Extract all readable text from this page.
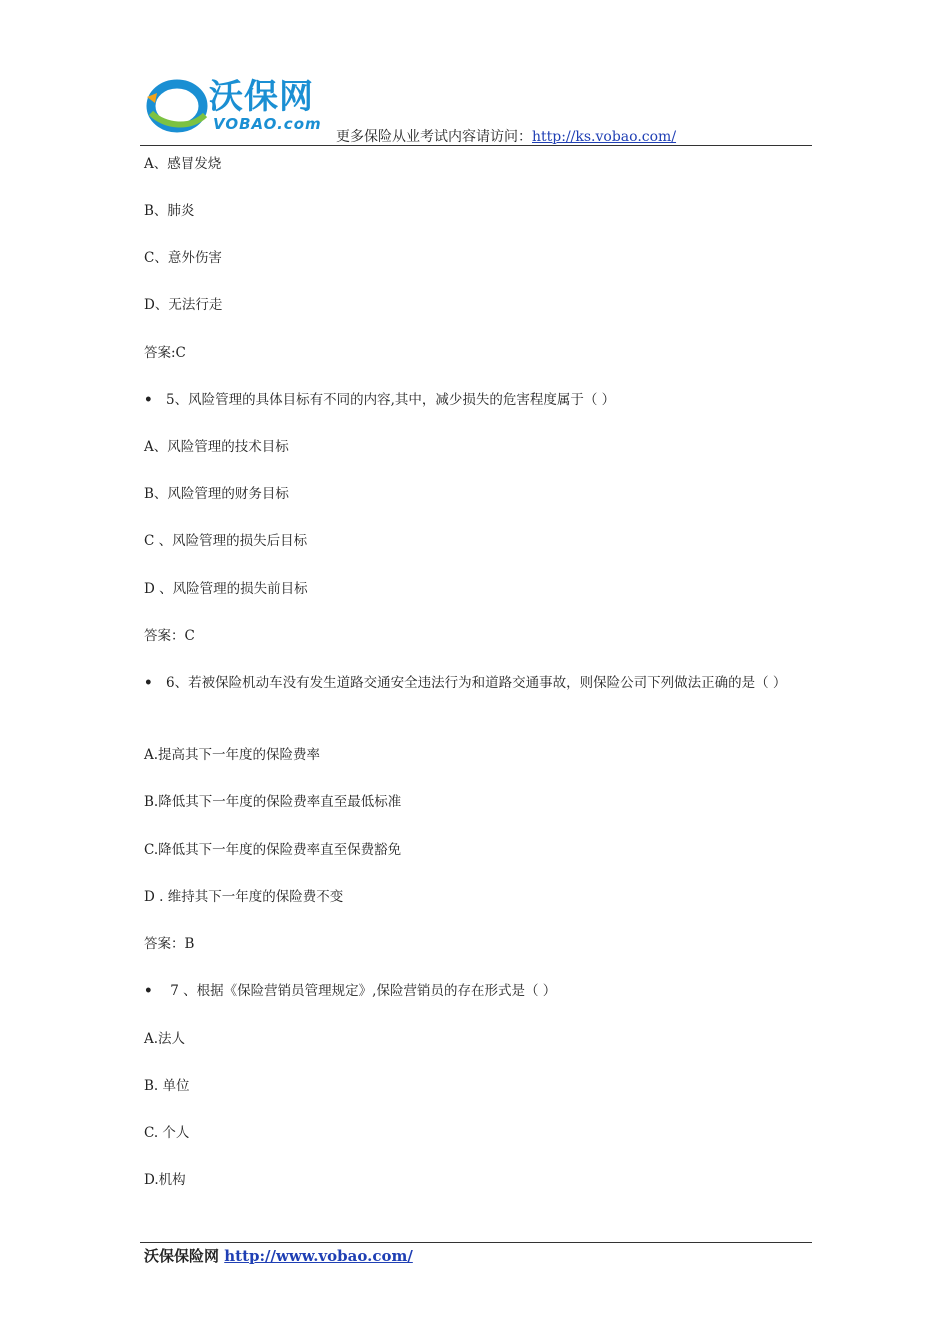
沃保网
VOBAO.com
更多保险从业考试内容请访问：http://ks.vobao.com/
A、感冒发烧
B、肺炎
C、意外伤害
D、无法行走
答案:C
• 5、风险管理的具体目标有不同的内容,其中，减少损失的危害程度属于（ ）
A、风险管理的技术目标
B、风险管理的财务目标
C 、风险管理的损失后目标
D 、风险管理的损失前目标
答案：C
• 6、若被保险机动车没有发生道路交通安全违法行为和道路交通事故，则保险公司下列做法正确的是（ ）
A.提高其下一年度的保险费率
B.降低其下一年度的保险费率直至最低标准
C.降低其下一年度的保险费率直至保费豁免
D . 维持其下一年度的保险费不变
答案：B
• 7 、根据《保险营销员管理规定》,保险营销员的存在形式是（ ）
A.法人
B. 单位
C. 个人
D.机构
沃保保险网 http://www.vobao.com/
